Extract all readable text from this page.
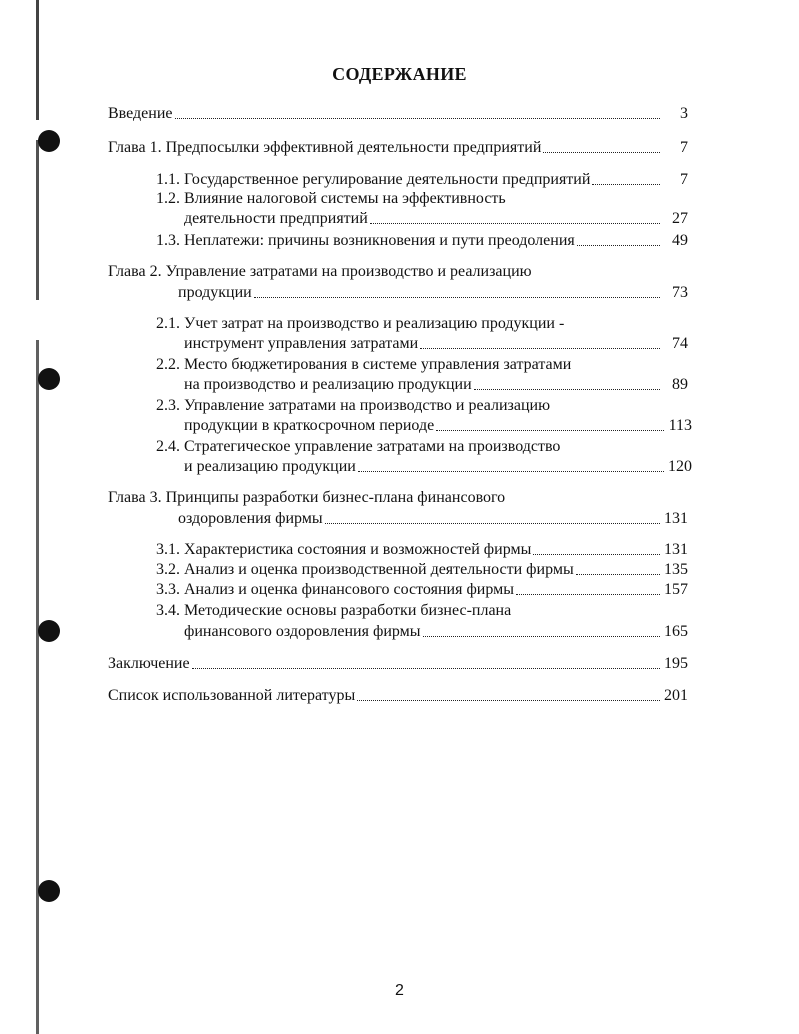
СОДЕРЖАНИЕ
Введение	3
Глава 1. Предпосылки эффективной деятельности предприятий	7
1.1. Государственное регулирование деятельности предприятий	7
1.2. Влияние налоговой системы на эффективность
деятельности предприятий	27
1.3. Неплатежи: причины возникновения и пути преодоления	49
Глава 2. Управление затратами на производство и реализацию
продукции	73
2.1. Учет затрат на производство и реализацию продукции -
инструмент управления затратами	74
2.2. Место бюджетирования в системе управления затратами
на производство и реализацию продукции	89
2.3. Управление затратами на производство и реализацию
продукции в краткосрочном периоде	113
2.4. Стратегическое управление затратами на производство
и реализацию продукции	120
Глава 3. Принципы разработки бизнес-плана финансового
оздоровления фирмы	131
3.1. Характеристика состояния и возможностей фирмы	131
3.2. Анализ и оценка производственной деятельности фирмы	135
3.3. Анализ и оценка финансового состояния фирмы	157
3.4. Методические основы разработки бизнес-плана
финансового оздоровления фирмы	165
Заключение	195
Список использованной литературы	201
2
